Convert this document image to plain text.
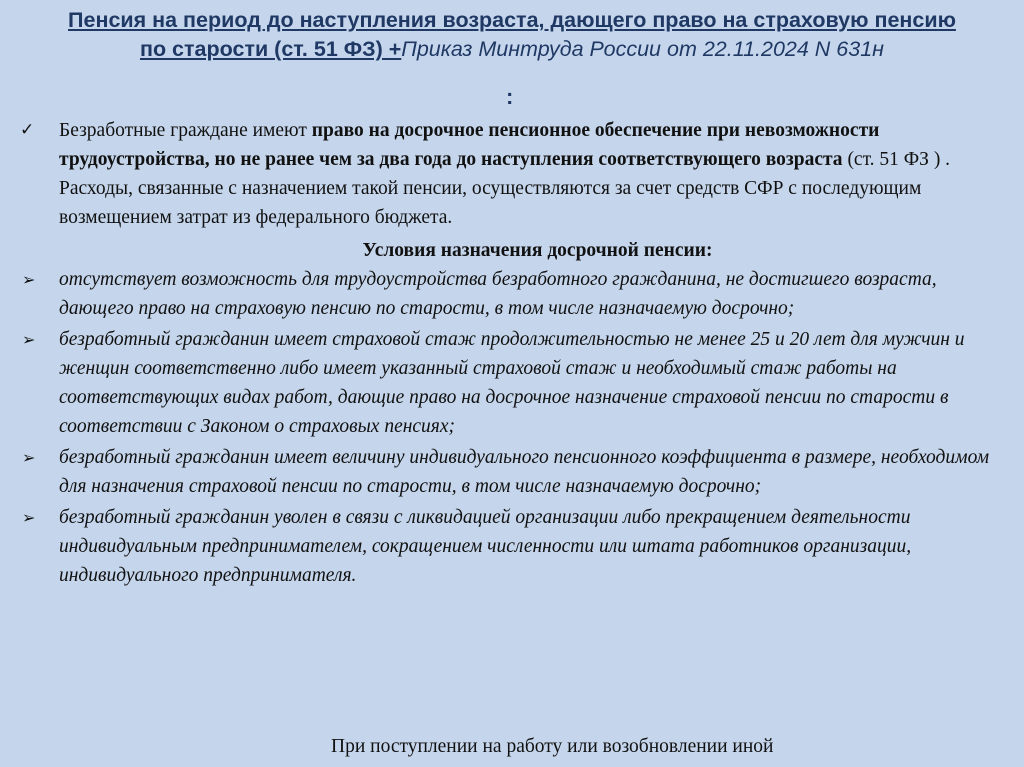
Пенсия на период до наступления возраста, дающего право на страховую пенсию по старости (ст. 51 ФЗ) +Приказ Минтруда России от 22.11.2024 N 631н
:
✓ Безработные граждане имеют право на досрочное пенсионное обеспечение при невозможности трудоустройства, но не ранее чем за два года до наступления соответствующего возраста (ст. 51 ФЗ ) . Расходы, связанные с назначением такой пенсии, осуществляются за счет средств СФР с последующим возмещением затрат из федерального бюджета.
Условия назначения досрочной пенсии:
➢	отсутствует возможность для трудоустройства безработного гражданина, не достигшего возраста, дающего право на страховую пенсию по старости, в том числе назначаемую досрочно;
➢	безработный гражданин имеет страховой стаж продолжительностью не менее 25 и 20 лет для мужчин и женщин соответственно либо имеет указанный страховой стаж и необходимый стаж работы на соответствующих видах работ, дающие право на досрочное назначение страховой пенсии по старости в соответствии с Законом о страховых пенсиях;
➢	безработный гражданин имеет величину индивидуального пенсионного коэффициента в размере, необходимом для назначения страховой пенсии по старости, в том числе назначаемую досрочно;
➢	безработный гражданин уволен в связи с ликвидацией организации либо прекращением деятельности индивидуальным предпринимателем, сокращением численности или штата работников организации, индивидуального предпринимателя.
При поступлении на работу или возобновлении иной
